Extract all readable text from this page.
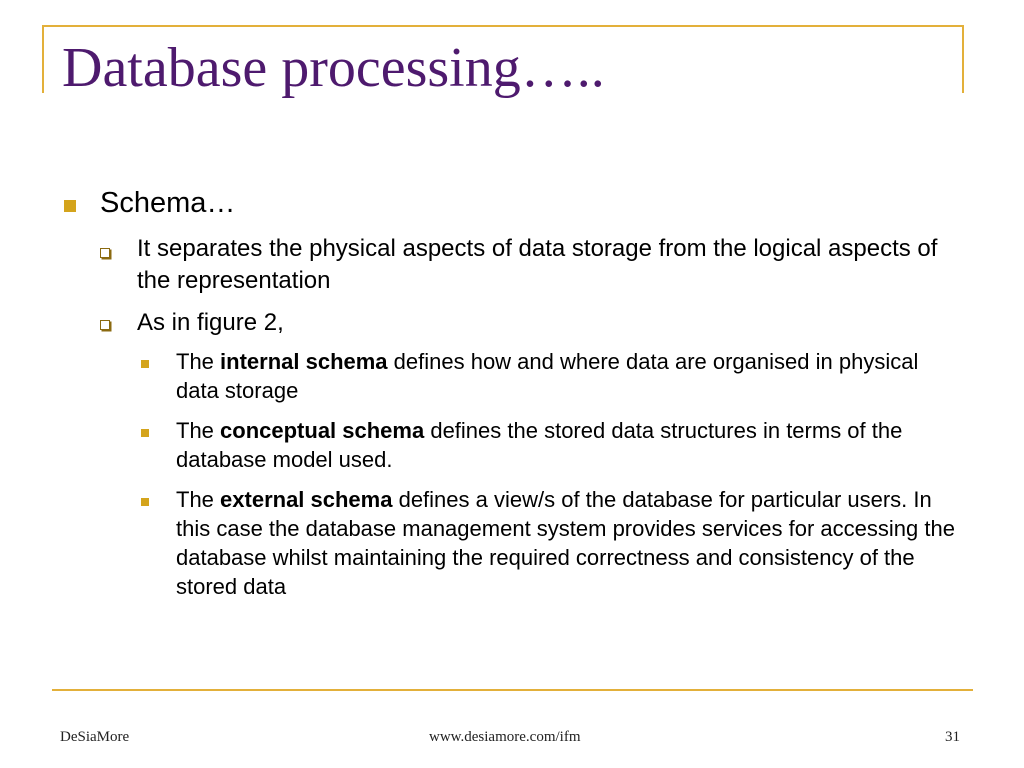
Database processing…..
Schema…
It separates the physical aspects of data storage from the logical aspects of the representation
As in figure 2,
The internal schema defines how and where data are organised in physical data storage
The conceptual schema defines the stored data structures in terms of the database model used.
The external schema defines a view/s of the database for particular users. In this case the database management system provides services for accessing the database whilst maintaining the required correctness and consistency of the stored data
DeSiaMore	www.desiamore.com/ifm	31
